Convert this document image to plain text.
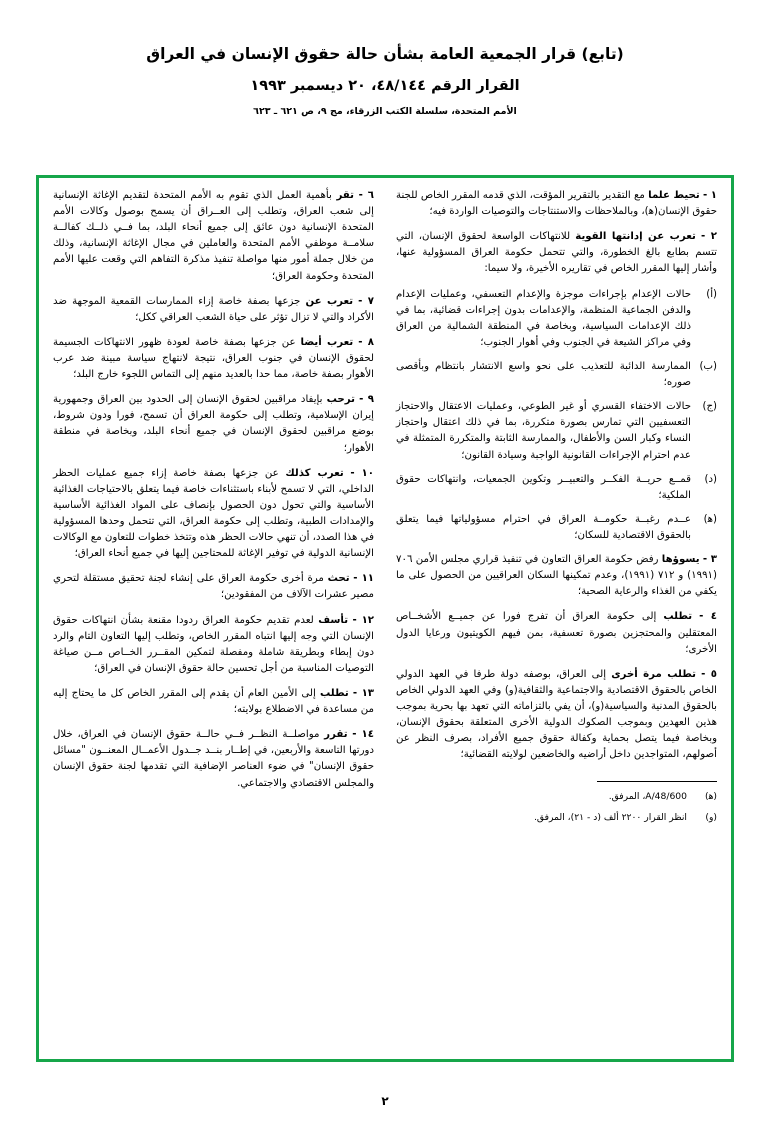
(تابع) قرار الجمعية العامة بشأن حالة حقوق الإنسان في العراق
القرار الرقم ٤٨/١٤٤، ٢٠ ديسمبر ١٩٩٣
الأمم المتحدة، سلسلة الكتب الزرقاء، مج ٩، ص ٦٢١ ـ ٦٢٣

١ - تحيط علما مع التقدير بالتقرير المؤقت، الذي قدمه المقرر الخاص للجنة حقوق الإنسان(ﻫ)، وبالملاحظات والاستنتاجات والتوصيات الواردة فيه؛

٢ - تعرب عن إدانتها القوية للانتهاكات الواسعة لحقوق الإنسان، التي تتسم بطابع بالغ الخطورة، والتي تتحمل حكومة العراق المسؤولية عنها، وأشار إليها المقرر الخاص في تقاريره الأخيرة، ولا سيما:

(أ)
حالات الإعدام بإجراءات موجزة والإعدام التعسفي، وعمليات الإعدام والدفن الجماعية المنظمة، والإعدامات بدون إجراءات قضائية، بما في ذلك الإعدامات السياسية، وبخاصة في المنطقة الشمالية من العراق وفي مراكز الشيعة في الجنوب وفي أهوار الجنوب؛
(ب)
الممارسة الدائبة للتعذيب على نحو واسع الانتشار بانتظام وبأقصى صوره؛
(ج)
حالات الاختفاء القسري أو غير الطوعي، وعمليات الاعتقال والاحتجاز التعسفيين التي تمارس بصورة متكررة، بما في ذلك اعتقال واحتجاز النساء وكبار السن والأطفال، والممارسة الثابتة والمتكررة المتمثلة في عدم احترام الإجراءات القانونية الواجبة وسيادة القانون؛
(د)
قمــع حريــة الفكــر والتعبيــر وتكوين الجمعيات، وانتهاكات حقوق الملكية؛
(ﻫ)
عــدم رغبــة حكومــة العراق في احترام مسؤولياتها فيما يتعلق بالحقوق الاقتصادية للسكان؛

٣ - يسوؤها رفض حكومة العراق التعاون في تنفيذ قراري مجلس الأمن ٧٠٦ (١٩٩١) و ٧١٢ (١٩٩١)، وعدم تمكينها السكان العراقيين من الحصول على ما يكفي من الغذاء والرعاية الصحية؛

٤ - تطلب إلى حكومة العراق أن تفرج فورا عن جميــع الأشخــاص المعتقلين والمحتجزين بصورة تعسفية، بمن فيهم الكويتيون ورعايا الدول الأخرى؛

٥ - تطلب مرة أخرى إلى العراق، بوصفه دولة طرفا في العهد الدولي الخاص بالحقوق الاقتصادية والاجتماعية والثقافية(و) وفي العهد الدولي الخاص بالحقوق المدنية والسياسية(و)، أن يفي بالتزاماته التي تعهد بها بحرية بموجب هذين العهدين وبموجب الصكوك الدولية الأخرى المتعلقة بحقوق الإنسان، وبخاصة فيما يتصل بحماية وكفالة حقوق جميع الأفراد، بصرف النظر عن أصولهم، المتواجدين داخل أراضيه والخاضعين لولايته القضائية؛

(ﻫ)
A/48/600، المرفق.
(و)
انظر القرار ٢٢٠٠ ألف (د - ٢١)، المرفق.

٦ - تقر بأهمية العمل الذي تقوم به الأمم المتحدة لتقديم الإغاثة الإنسانية إلى شعب العراق، وتطلب إلى العــراق أن يسمح بوصول وكالات الأمم المتحدة الإنسانية دون عائق إلى جميع أنحاء البلد، بما فــي ذلــك كفالــة سلامــة موظفي الأمم المتحدة والعاملين في مجال الإغاثة الإنسانية، وذلك من خلال جملة أمور منها مواصلة تنفيذ مذكرة التفاهم التي وقعت عليها الأمم المتحدة وحكومة العراق؛

٧ - تعرب عن جزعها بصفة خاصة إزاء الممارسات القمعية الموجهة ضد الأكراد والتي لا تزال تؤثر على حياة الشعب العراقي ككل؛

٨ - تعرب أيضا عن جزعها بصفة خاصة لعودة ظهور الانتهاكات الجسيمة لحقوق الإنسان في جنوب العراق، نتيجة لانتهاج سياسة مبينة ضد عرب الأهوار بصفة خاصة، مما حدا بالعديد منهم إلى التماس اللجوء خارج البلد؛

٩ - ترحب بإيفاد مراقبين لحقوق الإنسان إلى الحدود بين العراق وجمهورية إيران الإسلامية، وتطلب إلى حكومة العراق أن تسمح، فورا ودون شروط، بوضع مراقبين لحقوق الإنسان في جميع أنحاء البلد، وبخاصة في منطقة الأهوار؛

١٠ - تعرب كذلك عن جزعها بصفة خاصة إزاء جميع عمليات الحظر الداخلي، التي لا تسمح لأبناء باستثناءات خاصة فيما يتعلق بالاحتياجات الغذائية الأساسية والتي تحول دون الحصول بإنصاف على المواد الغذائية الأساسية والإمدادات الطبية، وتطلب إلى حكومة العراق، التي تتحمل وحدها المسؤولية في هذا الصدد، أن تنهي حالات الحظر هذه وتتخذ خطوات للتعاون مع الوكالات الإنسانية الدولية في توفير الإغاثة للمحتاجين إليها في جميع أنحاء العراق؛

١١ - تحث مرة أخرى حكومة العراق على إنشاء لجنة تحقيق مستقلة لتحري مصير عشرات الآلاف من المفقودين؛

١٢ - تأسف لعدم تقديم حكومة العراق ردودا مقنعة بشأن انتهاكات حقوق الإنسان التي وجه إليها انتباه المقرر الخاص، وتطلب إليها التعاون التام والرد دون إبطاء وبطريقة شاملة ومفصلة لتمكين المقــرر الخــاص مــن صياغة التوصيات المناسبة من أجل تحسين حالة حقوق الإنسان في العراق؛

١٣ - تطلب إلى الأمين العام أن يقدم إلى المقرر الخاص كل ما يحتاج إليه من مساعدة في الاضطلاع بولايته؛

١٤ - تقرر مواصلــة النظــر فــي حالــة حقوق الإنسان في العراق، خلال دورتها التاسعة والأربعين، في إطــار بنــد جــدول الأعمــال المعنــون "مسائل حقوق الإنسان" في ضوء العناصر الإضافية التي تقدمها لجنة حقوق الإنسان والمجلس الاقتصادي والاجتماعي.

٢
